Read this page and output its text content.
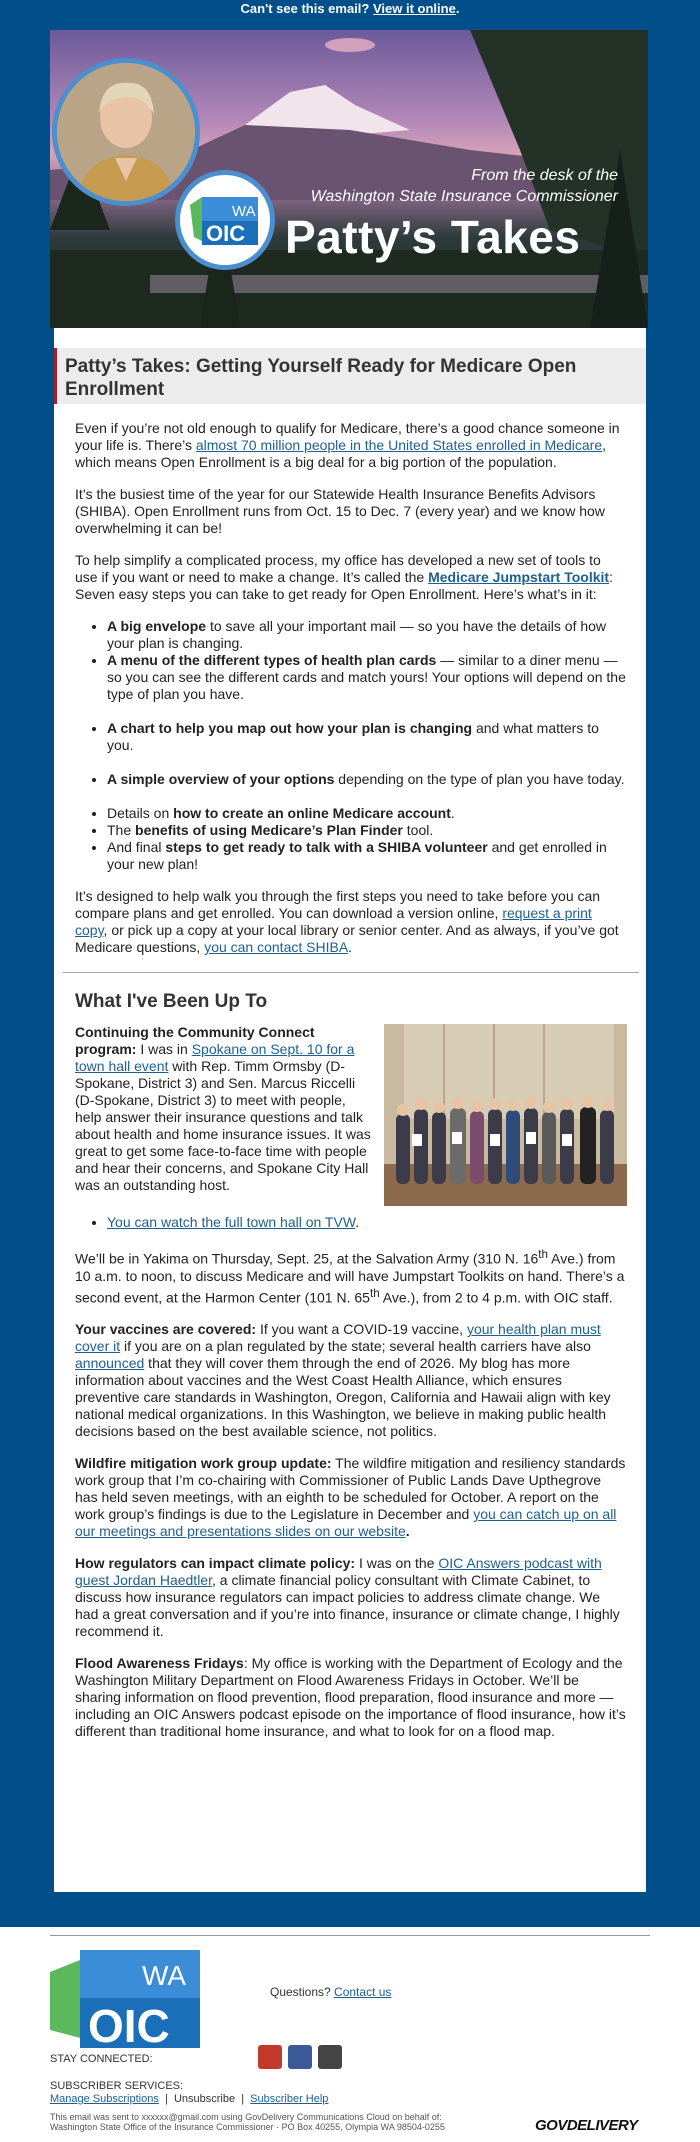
Can't see this email? View it online.
WA
OIC
From the desk of the
Washington State Insurance Commissioner
Patty’s Takes
Patty’s Takes: Getting Yourself Ready for Medicare Open Enrollment

Even if you’re not old enough to qualify for Medicare, there’s a good chance someone in your life is. There’s almost 70 million people in the United States enrolled in Medicare, which means Open Enrollment is a big deal for a big portion of the population.

It’s the busiest time of the year for our Statewide Health Insurance Benefits Advisors (SHIBA). Open Enrollment runs from Oct. 15 to Dec. 7 (every year) and we know how overwhelming it can be!

To help simplify a complicated process, my office has developed a new set of tools to use if you want or need to make a change. It’s called the Medicare Jumpstart Toolkit: Seven easy steps you can take to get ready for Open Enrollment. Here’s what’s in it:

• A big envelope to save all your important mail — so you have the details of how your plan is changing.
• A menu of the different types of health plan cards — similar to a diner menu — so you can see the different cards and match yours! Your options will depend on the type of plan you have.
• A chart to help you map out how your plan is changing and what matters to you.
• A simple overview of your options depending on the type of plan you have today.
• Details on how to create an online Medicare account.
• The benefits of using Medicare’s Plan Finder tool.
• And final steps to get ready to talk with a SHIBA volunteer and get enrolled in your new plan!

It’s designed to help walk you through the first steps you need to take before you can compare plans and get enrolled. You can download a version online, request a print copy, or pick up a copy at your local library or senior center. And as always, if you’ve got Medicare questions, you can contact SHIBA.

What I've Been Up To

Continuing the Community Connect program: I was in Spokane on Sept. 10 for a town hall event with Rep. Timm Ormsby (D-Spokane, District 3) and Sen. Marcus Riccelli (D-Spokane, District 3) to meet with people, help answer their insurance questions and talk about health and home insurance issues. It was great to get some face-to-face time with people and hear their concerns, and Spokane City Hall was an outstanding host.

• You can watch the full town hall on TVW.

We’ll be in Yakima on Thursday, Sept. 25, at the Salvation Army (310 N. 16th Ave.) from 10 a.m. to noon, to discuss Medicare and will have Jumpstart Toolkits on hand. There’s a second event, at the Harmon Center (101 N. 65th Ave.), from 2 to 4 p.m. with OIC staff.

Your vaccines are covered: If you want a COVID-19 vaccine, your health plan must cover it if you are on a plan regulated by the state; several health carriers have also announced that they will cover them through the end of 2026. My blog has more information about vaccines and the West Coast Health Alliance, which ensures preventive care standards in Washington, Oregon, California and Hawaii align with key national medical organizations. In this Washington, we believe in making public health decisions based on the best available science, not politics.

Wildfire mitigation work group update: The wildfire mitigation and resiliency standards work group that I’m co-chairing with Commissioner of Public Lands Dave Upthegrove has held seven meetings, with an eighth to be scheduled for October. A report on the work group’s findings is due to the Legislature in December and you can catch up on all our meetings and presentations slides on our website.

How regulators can impact climate policy: I was on the OIC Answers podcast with guest Jordan Haedtler, a climate financial policy consultant with Climate Cabinet, to discuss how insurance regulators can impact policies to address climate change. We had a great conversation and if you’re into finance, insurance or climate change, I highly recommend it.

Flood Awareness Fridays: My office is working with the Department of Ecology and the Washington Military Department on Flood Awareness Fridays in October. We’ll be sharing information on flood prevention, flood preparation, flood insurance and more — including an OIC Answers podcast episode on the importance of flood insurance, how it’s different than traditional home insurance, and what to look for on a flood map.

WA
OIC
Questions? Contact us
STAY CONNECTED:
SUBSCRIBER SERVICES:
Manage Subscriptions  |  Unsubscribe  |  Subscriber Help
This email was sent to xxxxxx@gmail.com using GovDelivery Communications Cloud on behalf of:
Washington State Office of the Insurance Commissioner · PO Box 40255, Olympia WA 98504-0255	GOVDELIVERY
